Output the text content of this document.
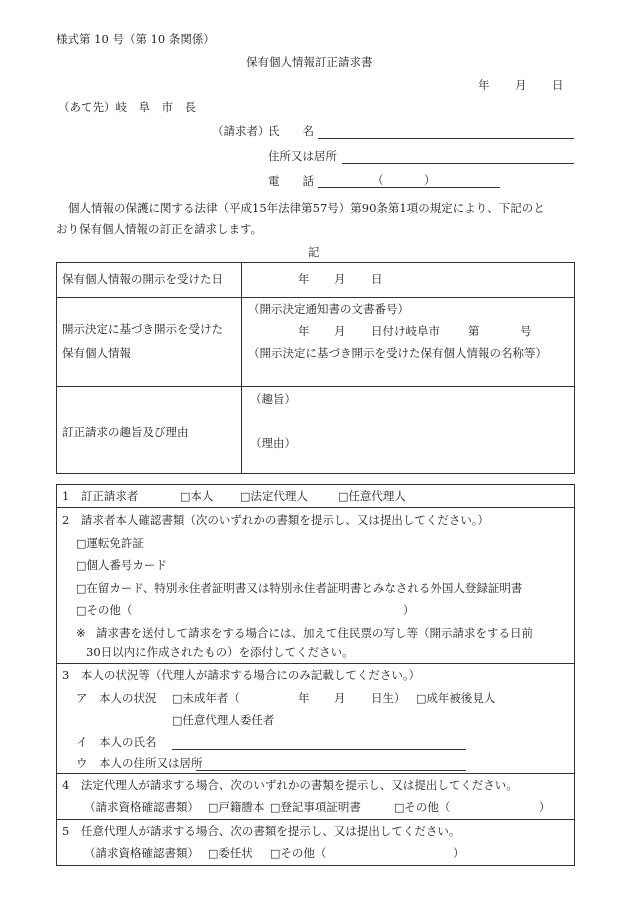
様式第 10 号（第 10 条関係）
保有個人情報訂正請求書
年 月 日
（あて先）岐　阜　市　長
（請求者）
氏　　名
住所又は居所
電　　話	（	）
個人情報の保護に関する法律（平成15年法律第57号）第90条第1項の規定により、下記のと
おり保有個人情報の訂正を請求します。
記
保有個人情報の開示を受けた日	年 月 日
開示決定に基づき開示を受けた
保有個人情報
（開示決定通知書の文書番号）
年 月 日付け岐阜市 第	号
（開示決定に基づき開示を受けた保有個人情報の名称等）
訂正請求の趣旨及び理由
（趣旨）
（理由）
1　訂正請求者	□本人 □法定代理人	□任意代理人
2　請求者本人確認書類（次のいずれかの書類を提示し、又は提出してください。）
□運転免許証
□個人番号カード
□在留カード、特別永住者証明書又は特別永住者証明書とみなされる外国人登録証明書
□その他（	）
※ 請求書を送付して請求をする場合には、加えて住民票の写し等（開示請求をする日前
30日以内に作成されたもの）を添付してください。
3　本人の状況等（代理人が請求する場合にのみ記載してください。）
ア　本人の状況 □未成年者（	年 月 日生） □成年被後見人
□任意代理人委任者
イ　本人の氏名
ウ　本人の住所又は居所
4　法定代理人が請求する場合、次のいずれかの書類を提示し、又は提出してください。
（請求資格確認書類） □戸籍謄本 □登記事項証明書	□その他（	）
5　任意代理人が請求する場合、次の書類を提示し、又は提出してください。
（請求資格確認書類） □委任状 □その他（	）
